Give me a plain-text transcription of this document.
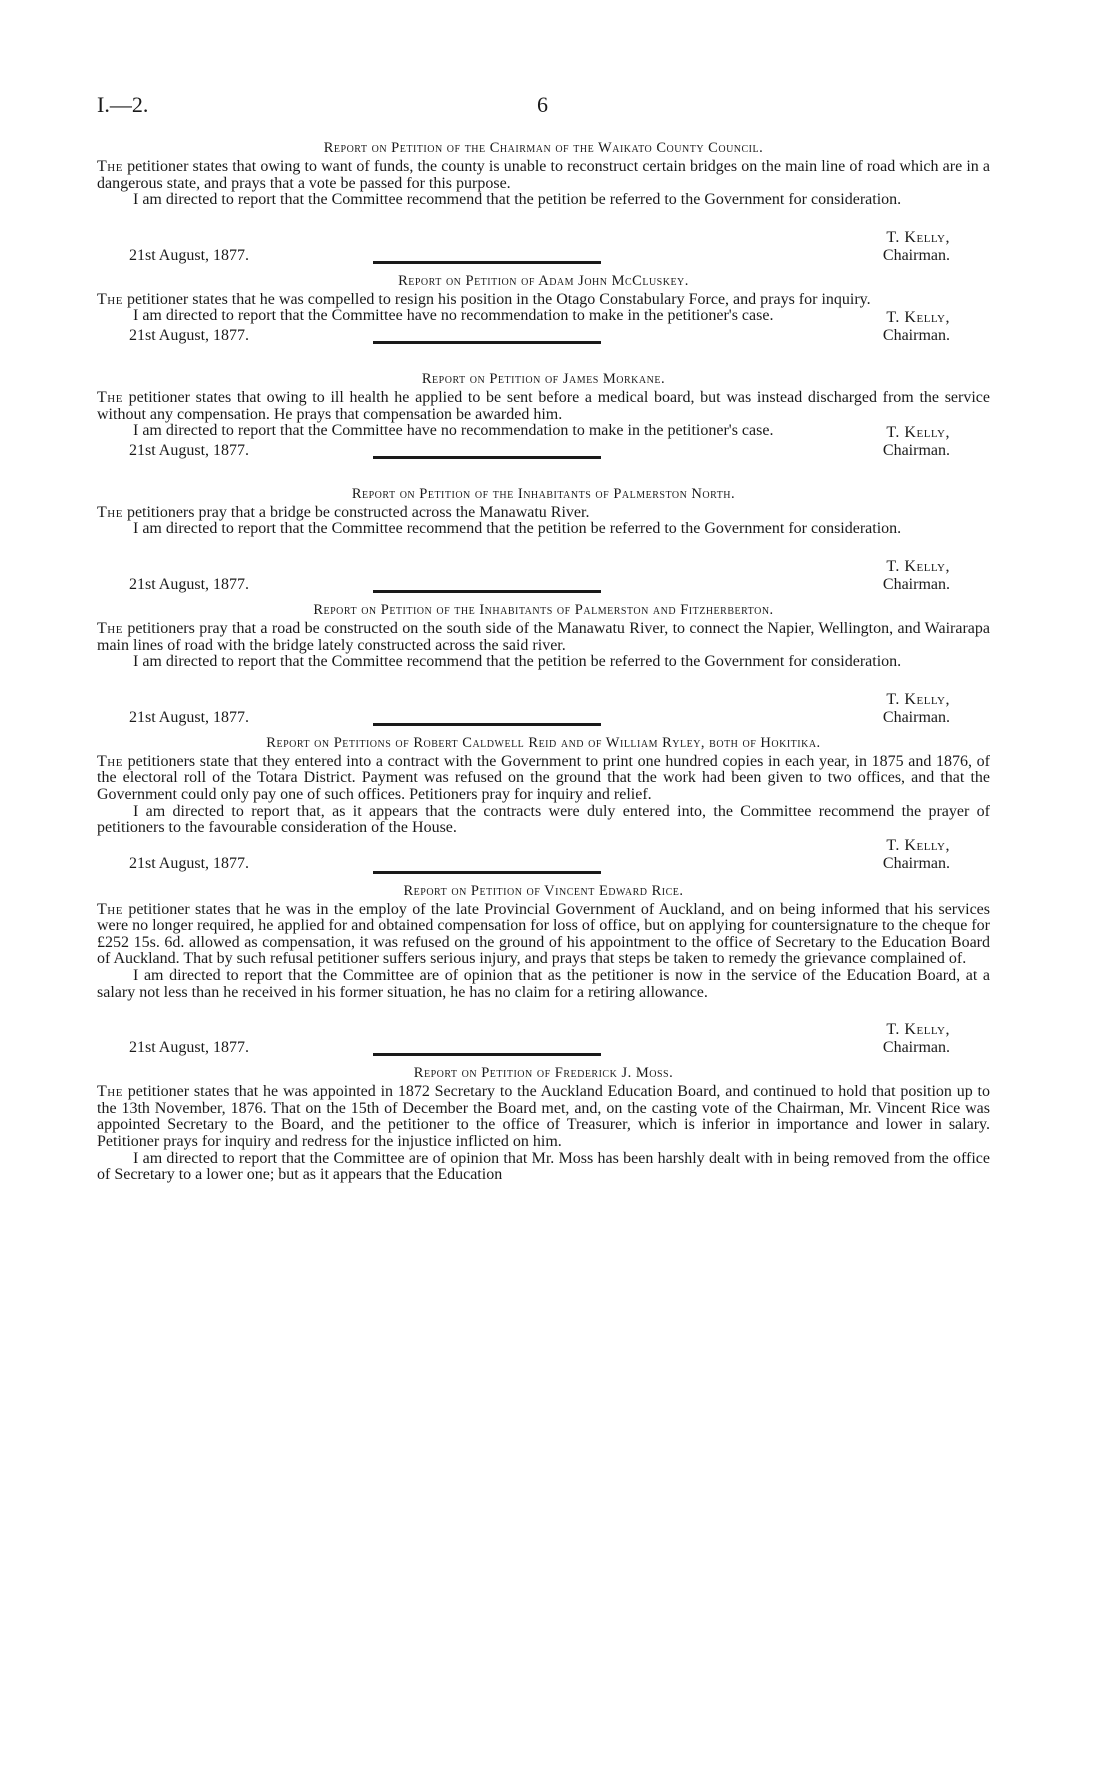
I.—2.	6
Report on Petition of the Chairman of the Waikato County Council.

The petitioner states that owing to want of funds, the county is unable to reconstruct certain bridges on the main line of road which are in a dangerous state, and prays that a vote be passed for this purpose.

I am directed to report that the Committee recommend that the petition be referred to the Government for consideration.

T. Kelly,
21st August, 1877.	Chairman.
Report on Petition of Adam John McCluskey.

The petitioner states that he was compelled to resign his position in the Otago Constabulary Force, and prays for inquiry.

I am directed to report that the Committee have no recommendation to make in the petitioner's case.	T. Kelly,
21st August, 1877.	Chairman.
Report on Petition of James Morkane.

The petitioner states that owing to ill health he applied to be sent before a medical board, but was instead discharged from the service without any compensation. He prays that compensation be awarded him.

I am directed to report that the Committee have no recommendation to make in the petitioner's case.	T. Kelly,
21st August, 1877.	Chairman.
Report on Petition of the Inhabitants of Palmerston North.

The petitioners pray that a bridge be constructed across the Manawatu River.

I am directed to report that the Committee recommend that the petition be referred to the Government for consideration.

T. Kelly,
21st August, 1877.	Chairman.
Report on Petition of the Inhabitants of Palmerston and Fitzherberton.

The petitioners pray that a road be constructed on the south side of the Manawatu River, to connect the Napier, Wellington, and Wairarapa main lines of road with the bridge lately constructed across the said river.

I am directed to report that the Committee recommend that the petition be referred to the Government for consideration.

T. Kelly,
21st August, 1877.	Chairman.
Report on Petitions of Robert Caldwell Reid and of William Ryley, both of Hokitika.

The petitioners state that they entered into a contract with the Government to print one hundred copies in each year, in 1875 and 1876, of the electoral roll of the Totara District. Payment was refused on the ground that the work had been given to two offices, and that the Government could only pay one of such offices. Petitioners pray for inquiry and relief.

I am directed to report that, as it appears that the contracts were duly entered into, the Committee recommend the prayer of petitioners to the favourable consideration of the House.

T. Kelly,
21st August, 1877.	Chairman.
Report on Petition of Vincent Edward Rice.

The petitioner states that he was in the employ of the late Provincial Government of Auckland, and on being informed that his services were no longer required, he applied for and obtained compensation for loss of office, but on applying for countersignature to the cheque for £252 15s. 6d. allowed as compensation, it was refused on the ground of his appointment to the office of Secretary to the Education Board of Auckland. That by such refusal petitioner suffers serious injury, and prays that steps be taken to remedy the grievance complained of.

I am directed to report that the Committee are of opinion that as the petitioner is now in the service of the Education Board, at a salary not less than he received in his former situation, he has no claim for a retiring allowance.

T. Kelly,
21st August, 1877.	Chairman.
Report on Petition of Frederick J. Moss.

The petitioner states that he was appointed in 1872 Secretary to the Auckland Education Board, and continued to hold that position up to the 13th November, 1876. That on the 15th of December the Board met, and, on the casting vote of the Chairman, Mr. Vincent Rice was appointed Secretary to the Board, and the petitioner to the office of Treasurer, which is inferior in importance and lower in salary. Petitioner prays for inquiry and redress for the injustice inflicted on him.

I am directed to report that the Committee are of opinion that Mr. Moss has been harshly dealt with in being removed from the office of Secretary to a lower one; but as it appears that the Education
